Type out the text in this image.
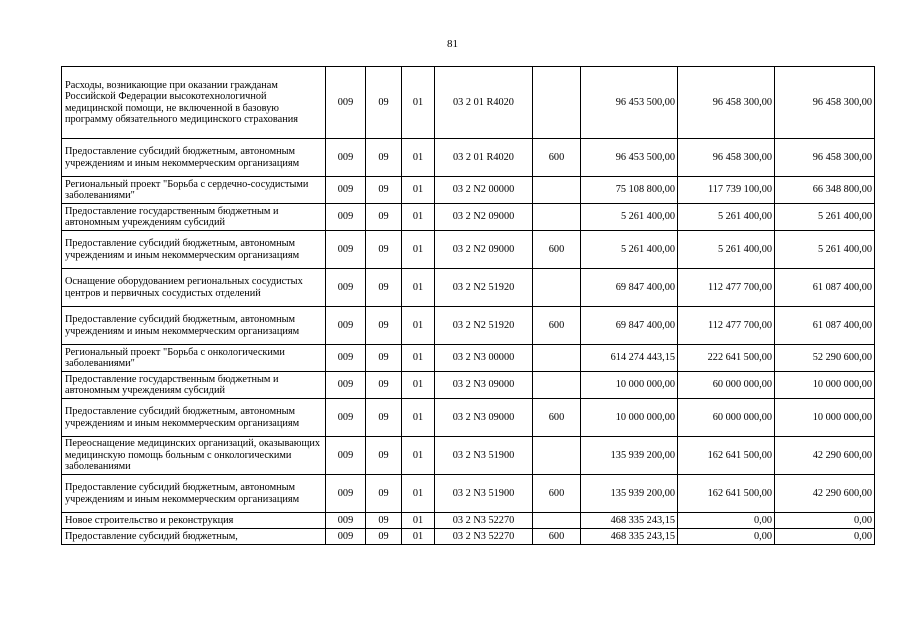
81
Расходы, возникающие при оказании гражданам Российской Федерации высокотехнологичной медицинской помощи, не включенной в базовую программу обязательного медицинского страхования	009	09	01	03 2 01 R4020		96 453 500,00	96 458 300,00	96 458 300,00
Предоставление субсидий бюджетным, автономным учреждениям и иным некоммерческим организациям	009	09	01	03 2 01 R4020	600	96 453 500,00	96 458 300,00	96 458 300,00
Региональный проект "Борьба с сердечно-сосудистыми заболеваниями"	009	09	01	03 2 N2 00000		75 108 800,00	117 739 100,00	66 348 800,00
Предоставление государственным бюджетным и автономным учреждениям субсидий	009	09	01	03 2 N2 09000		5 261 400,00	5 261 400,00	5 261 400,00
Предоставление субсидий бюджетным, автономным учреждениям и иным некоммерческим организациям	009	09	01	03 2 N2 09000	600	5 261 400,00	5 261 400,00	5 261 400,00
Оснащение оборудованием региональных сосудистых центров и первичных сосудистых отделений	009	09	01	03 2 N2 51920		69 847 400,00	112 477 700,00	61 087 400,00
Предоставление субсидий бюджетным, автономным учреждениям и иным некоммерческим организациям	009	09	01	03 2 N2 51920	600	69 847 400,00	112 477 700,00	61 087 400,00
Региональный проект "Борьба с онкологическими заболеваниями"	009	09	01	03 2 N3 00000		614 274 443,15	222 641 500,00	52 290 600,00
Предоставление государственным бюджетным и автономным учреждениям субсидий	009	09	01	03 2 N3 09000		10 000 000,00	60 000 000,00	10 000 000,00
Предоставление субсидий бюджетным, автономным учреждениям и иным некоммерческим организациям	009	09	01	03 2 N3 09000	600	10 000 000,00	60 000 000,00	10 000 000,00
Переоснащение медицинских организаций, оказывающих медицинскую помощь больным с онкологическими заболеваниями	009	09	01	03 2 N3 51900		135 939 200,00	162 641 500,00	42 290 600,00
Предоставление субсидий бюджетным, автономным учреждениям и иным некоммерческим организациям	009	09	01	03 2 N3 51900	600	135 939 200,00	162 641 500,00	42 290 600,00
Новое строительство и реконструкция	009	09	01	03 2 N3 52270		468 335 243,15	0,00	0,00
Предоставление субсидий бюджетным,	009	09	01	03 2 N3 52270	600	468 335 243,15	0,00	0,00
